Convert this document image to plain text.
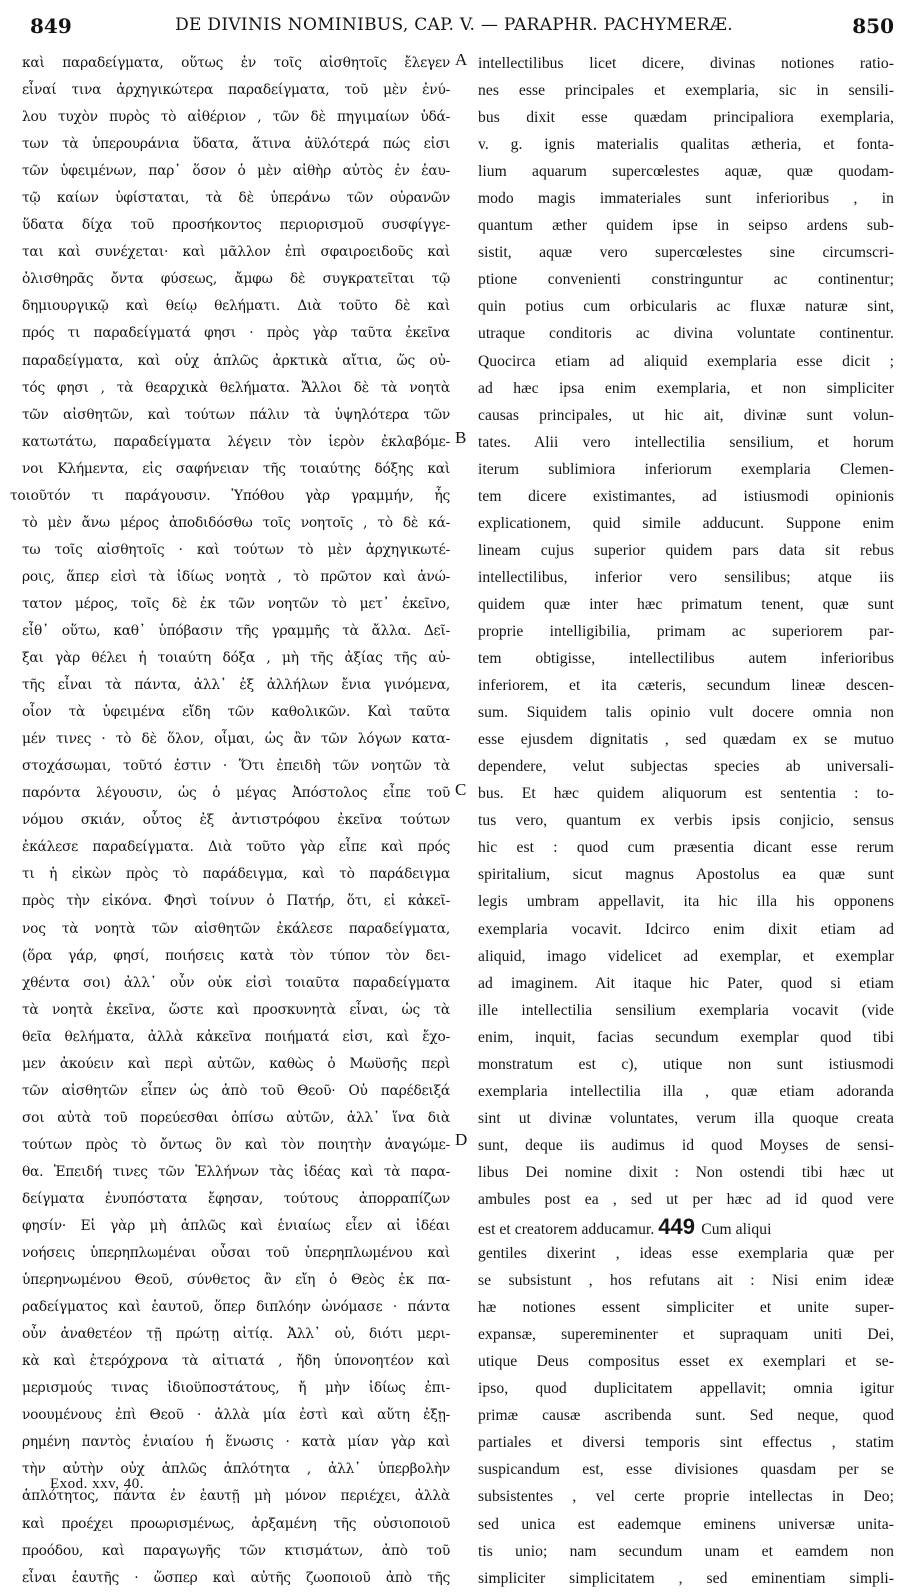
849	DE DIVINIS NOMINIBUS, CAP. V. — PARAPHR. PACHYMERÆ.	850
καὶ παραδείγματα, οὕτως ἐν τοῖς αἰσθητοῖς ἔλεγεν
εἶναί τινα ἀρχηγικώτερα παραδείγματα, τοῦ μὲν ἐνύ-
λου τυχὸν πυρὸς τὸ αἰθέριον , τῶν δὲ πηγιμαίων ὑδά-
των τὰ ὑπερουράνια ὕδατα, ἅτινα ἀϋλότερά πώς εἰσι
τῶν ὑφειμένων, παρ᾽ ὅσον ὁ μὲν αἰθὴρ αὐτὸς ἐν ἑαυ-
τῷ καίων ὑφίσταται, τὰ δὲ ὑπεράνω τῶν οὐρανῶν
ὕδατα δίχα τοῦ προσήκοντος περιορισμοῦ συσφίγγε-
ται καὶ συνέχεται· καὶ μᾶλλον ἐπὶ σφαιροειδοῦς καὶ
ὀλισθηρᾶς ὄντα φύσεως, ἄμφω δὲ συγκρατεῖται τῷ
δημιουργικῷ καὶ θείῳ θελήματι. Διὰ τοῦτο δὲ καὶ
πρός τι παραδείγματά φησι · πρὸς γὰρ ταῦτα ἐκεῖνα
παραδείγματα, καὶ οὐχ ἁπλῶς ἀρκτικὰ αἴτια, ὥς οὐ-
τός φησι , τὰ θεαρχικὰ θελήματα. Ἄλλοι δὲ τὰ νοητὰ
τῶν αἰσθητῶν, καὶ τούτων πάλιν τὰ ὑψηλότερα τῶν
κατωτάτω, παραδείγματα λέγειν τὸν ἱερὸν ἐκλαβόμε-
νοι Κλήμεντα, εἰς σαφήνειαν τῆς τοιαύτης δόξης καὶ
τοιοῦτόν τι παράγουσιν. Ὑπόθου γὰρ γραμμήν, ἧς
τὸ μὲν ἄνω μέρος ἀποδιδόσθω τοῖς νοητοῖς , τὸ δὲ κά-
τω τοῖς αἰσθητοῖς · καὶ τούτων τὸ μὲν ἀρχηγικωτέ-
ροις, ἅπερ εἰσὶ τὰ ἰδίως νοητὰ , τὸ πρῶτον καὶ ἀνώ-
τατον μέρος, τοῖς δὲ ἐκ τῶν νοητῶν τὸ μετ᾽ ἐκεῖνο,
εἶθ᾽ οὕτω, καθ᾽ ὑπόβασιν τῆς γραμμῆς τὰ ἄλλα. Δεῖ-
ξαι γὰρ θέλει ἡ τοιαύτη δόξα , μὴ τῆς ἀξίας τῆς αὐ-
τῆς εἶναι τὰ πάντα, ἀλλ᾽ ἐξ ἀλλήλων ἔνια γινόμενα,
οἷον τὰ ὑφειμένα εἴδη τῶν καθολικῶν. Καὶ ταῦτα
μέν τινες · τὸ δὲ ὅλον, οἶμαι, ὡς ἂν τῶν λόγων κατα-
στοχάσωμαι, τοῦτό ἐστιν · Ὅτι ἐπειδὴ τῶν νοητῶν τὰ
παρόντα λέγουσιν, ὡς ὁ μέγας Ἀπόστολος εἶπε τοῦ
νόμου σκιάν, οὗτος ἐξ ἀντιστρόφου ἐκεῖνα τούτων
ἐκάλεσε παραδείγματα. Διὰ τοῦτο γὰρ εἶπε καὶ πρός
τι ἡ εἰκὼν πρὸς τὸ παράδειγμα, καὶ τὸ παράδειγμα
πρὸς τὴν εἰκόνα. Φησὶ τοίνυν ὁ Πατήρ, ὅτι, εἰ κἀκεῖ-
νος τὰ νοητὰ τῶν αἰσθητῶν ἐκάλεσε παραδείγματα,
(ὅρα γάρ, φησί, ποιήσεις κατὰ τὸν τύπον τὸν δει-
χθέντα σοι) ἀλλ᾽ οὖν οὐκ εἰσὶ τοιαῦτα παραδείγματα
τὰ νοητὰ ἐκεῖνα, ὥστε καὶ προσκυνητὰ εἶναι, ὡς τὰ
θεῖα θελήματα, ἀλλὰ κἀκεῖνα ποιήματά εἰσι, καὶ ἔχο-
μεν ἀκούειν καὶ περὶ αὐτῶν, καθὼς ὁ Μωϋσῆς περὶ
τῶν αἰσθητῶν εἶπεν ὡς ἀπὸ τοῦ Θεοῦ· Οὐ παρέδειξά
σοι αὐτὰ τοῦ πορεύεσθαι ὀπίσω αὐτῶν, ἀλλ᾽ ἵνα διὰ
τούτων πρὸς τὸ ὄντως ὂν καὶ τὸν ποιητὴν ἀναγώμε-
θα. Ἐπειδή τινες τῶν Ἑλλήνων τὰς ἰδέας καὶ τὰ παρα-
δείγματα ἐνυπόστατα ἔφησαν, τούτους ἀπορραπίζων
φησίν· Εἰ γὰρ μὴ ἁπλῶς καὶ ἑνιαίως εἶεν αἱ ἰδέαι
νοήσεις ὑπερηπλωμέναι οὖσαι τοῦ ὑπερηπλωμένου καὶ
ὑπερηνωμένου Θεοῦ, σύνθετος ἂν εἴη ὁ Θεὸς ἐκ πα-
ραδείγματος καὶ ἑαυτοῦ, ὅπερ διπλόην ὠνόμασε · πάντα
οὖν ἀναθετέον τῇ πρώτῃ αἰτίᾳ. Ἀλλ᾽ οὐ, διότι μερι-
κὰ καὶ ἑτερόχρονα τὰ αἰτιατά , ἤδη ὑπονοητέον καὶ
μερισμούς τινας ἰδιοϋποστάτους, ἤ μὴν ἰδίως ἐπι-
νοουμένους ἐπὶ Θεοῦ · ἀλλὰ μία ἐστὶ καὶ αὕτη ἐξῃ-
ρημένη παντὸς ἑνιαίου ἡ ἕνωσις · κατὰ μίαν γὰρ καὶ
τὴν αὐτὴν οὐχ ἁπλῶς ἁπλότητα , ἀλλ᾽ ὑπερβολὴν
ἁπλότητος, πάντα ἐν ἑαυτῇ μὴ μόνον περιέχει, ἀλλὰ
καὶ προέχει προωρισμένως, ἀρξαμένη τῆς οὐσιοποιοῦ
προόδου, καὶ παραγωγῆς τῶν κτισμάτων, ἀπὸ τοῦ
εἶναι ἑαυτῆς · ὥσπερ καὶ αὐτῆς ζωοποιοῦ ἀπὸ τῆς
intellectilibus licet dicere, divinas notiones ratio-
nes esse principales et exemplaria, sic in sensili-
bus dixit esse quædam principaliora exemplaria,
v. g. ignis materialis qualitas ætheria, et fonta-
lium aquarum supercœlestes aquæ, quæ quodam-
modo magis immateriales sunt inferioribus , in
quantum æther quidem ipse in seipso ardens sub-
sistit, aquæ vero supercœlestes sine circumscri-
ptione convenienti constringuntur ac continentur;
quin potius cum orbicularis ac fluxæ naturæ sint,
utraque conditoris ac divina voluntate continentur.
Quocirca etiam ad aliquid exemplaria esse dicit ;
ad hæc ipsa enim exemplaria, et non simpliciter
causas principales, ut hic ait, divinæ sunt volun-
tates. Alii vero intellectilia sensilium, et horum
iterum sublimiora inferiorum exemplaria Clemen-
tem dicere existimantes, ad istiusmodi opinionis
explicationem, quid simile adducunt. Suppone enim
lineam cujus superior quidem pars data sit rebus
intellectilibus, inferior vero sensilibus; atque iis
quidem quæ inter hæc primatum tenent, quæ sunt
proprie intelligibilia, primam ac superiorem par-
tem obtigisse, intellectilibus autem inferioribus
inferiorem, et ita cæteris, secundum lineæ descen-
sum. Siquidem talis opinio vult docere omnia non
esse ejusdem dignitatis , sed quædam ex se mutuo
dependere, velut subjectas species ab universali-
bus. Et hæc quidem aliquorum est sententia : to-
tus vero, quantum ex verbis ipsis conjicio, sensus
hic est : quod cum præsentia dicant esse rerum
spiritalium, sicut magnus Apostolus ea quæ sunt
legis umbram appellavit, ita hic illa his opponens
exemplaria vocavit. Idcirco enim dixit etiam ad
aliquid, imago videlicet ad exemplar, et exemplar
ad imaginem. Ait itaque hic Pater, quod si etiam
ille intellectilia sensilium exemplaria vocavit (vide
enim, inquit, facias secundum exemplar quod tibi
monstratum est c), utique non sunt istiusmodi
exemplaria intellectilia illa , quæ etiam adoranda
sint ut divinæ voluntates, verum illa quoque creata
sunt, deque iis audimus id quod Moyses de sensi-
libus Dei nomine dixit : Non ostendi tibi hæc ut
ambules post ea , sed ut per hæc ad id quod vere
est et creatorem adducamur. 449 Cum aliqui
gentiles dixerint , ideas esse exemplaria quæ per
se subsistunt , hos refutans ait : Nisi enim ideæ
hæ notiones essent simpliciter et unite super-
expansæ, supereminenter et supraquam uniti Dei,
utique Deus compositus esset ex exemplari et se-
ipso, quod duplicitatem appellavit; omnia igitur
primæ causæ ascribenda sunt. Sed neque, quod
partiales et diversi temporis sint effectus , statim
suspicandum est, esse divisiones quasdam per se
subsistentes , vel certe proprie intellectas in Deo;
sed unica est eademque eminens universæ unita-
tis unio; nam secundum unam et eamdem non
simpliciter simplicitatem , sed eminentiam simpli-
A
B
C
D
Exod. xxv, 40.
